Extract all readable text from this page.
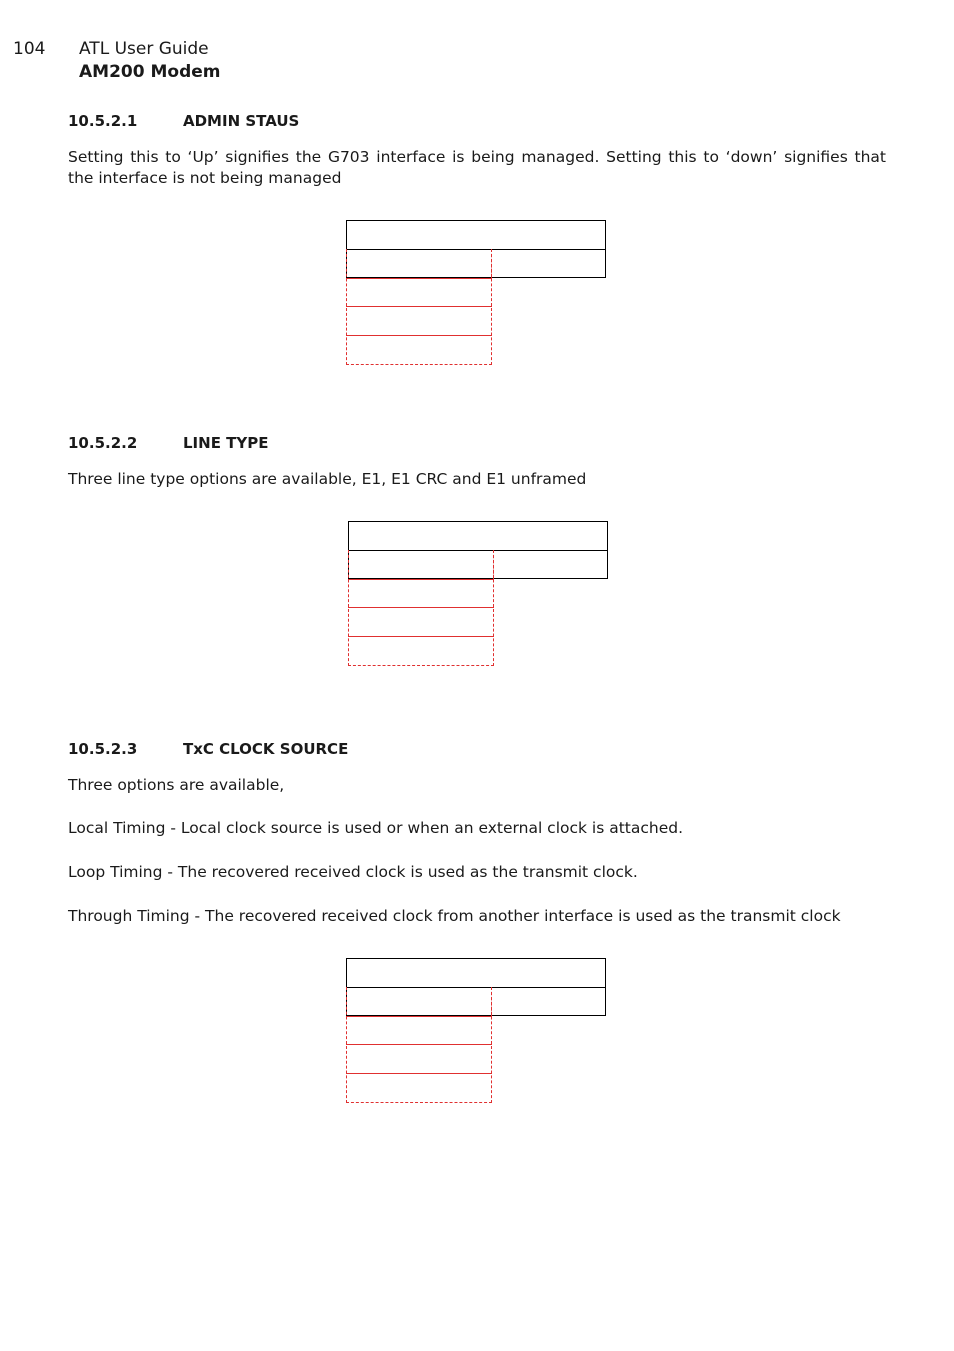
104 ATL User Guide
AM200 Modem
10.5.2.1	ADMIN STAUS
Setting this to ‘Up’ signifies the G703 interface is being managed. Setting this to ‘down’ signifies that the interface is not being managed
10.5.2.2	LINE TYPE
Three line type options are available, E1, E1 CRC and E1 unframed
10.5.2.3	TxC CLOCK SOURCE
Three options are available,
Local Timing - Local clock source is used or when an external clock is attached.
Loop Timing - The recovered received clock is used as the transmit clock.
Through Timing - The recovered received clock from another interface is used as the transmit clock
